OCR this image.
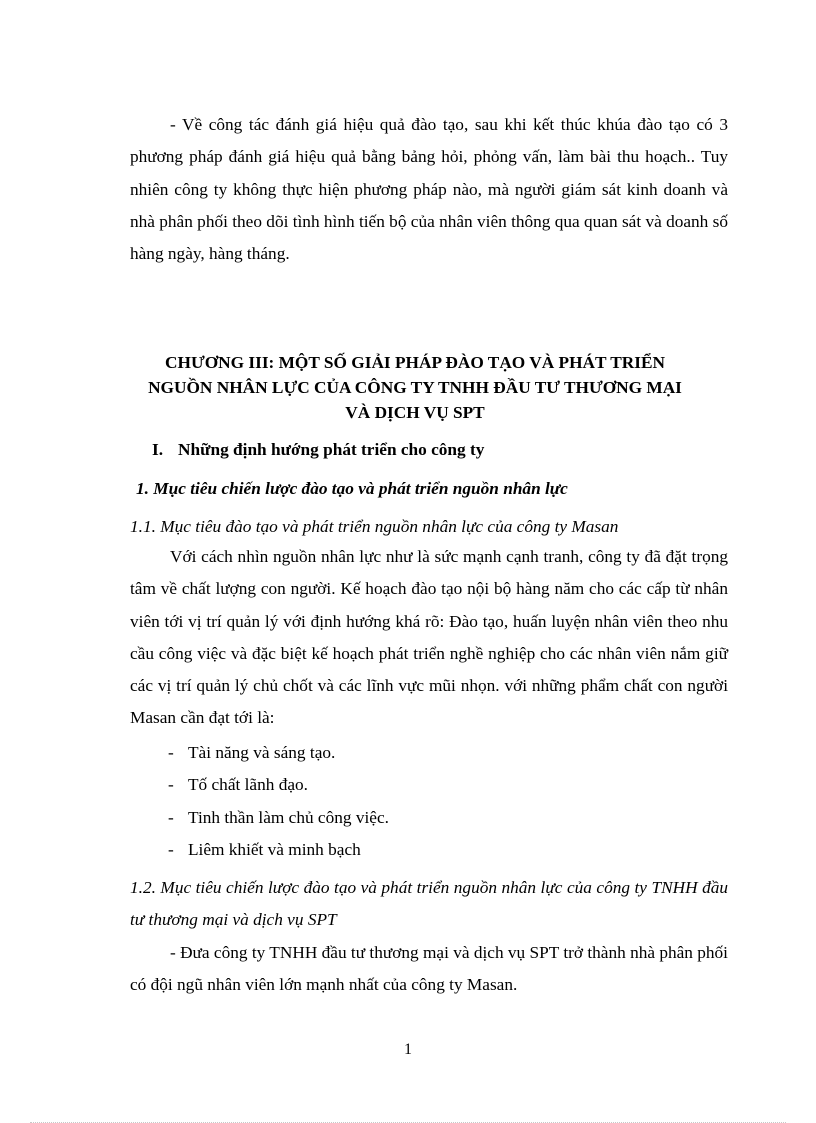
- Về công tác đánh giá hiệu quả đào tạo, sau khi kết thúc khúa đào tạo có 3 phương pháp đánh giá hiệu quả bằng bảng hỏi, phỏng vấn, làm bài thu hoạch.. Tuy nhiên công ty không thực hiện phương pháp nào, mà người giám sát kinh doanh và nhà phân phối theo dõi tình hình tiến bộ của nhân viên thông qua quan sát và doanh số hàng ngày, hàng tháng.

CHƯƠNG III: MỘT SỐ GIẢI PHÁP ĐÀO TẠO VÀ PHÁT TRIỂN
NGUỒN NHÂN LỰC CỦA CÔNG TY TNHH ĐẦU TƯ THƯƠNG MẠI
VÀ DỊCH VỤ SPT
I. Những định hướng phát triển cho công ty
1. Mục tiêu chiến lược đào tạo và phát triển nguồn nhân lực
1.1. Mục tiêu đào tạo và phát triển nguồn nhân lực của công ty Masan

Với cách nhìn nguồn nhân lực như là sức mạnh cạnh tranh, công ty đã đặt trọng tâm về chất lượng con người. Kế hoạch đào tạo nội bộ hàng năm cho các cấp từ nhân viên tới vị trí quản lý với định hướng khá rõ: Đào tạo, huấn luyện nhân viên theo nhu cầu công việc và đặc biệt kế hoạch phát triển nghề nghiệp cho các nhân viên nắm giữ các vị trí quản lý chủ chốt và các lĩnh vực mũi nhọn. với những phẩm chất con người Masan cần đạt tới là:

- Tài năng và sáng tạo.
- Tố chất lãnh đạo.
- Tinh thần làm chủ công việc.
- Liêm khiết và minh bạch

1.2. Mục tiêu chiến lược đào tạo và phát triển nguồn nhân lực của công ty TNHH đầu tư thương mại và dịch vụ SPT

- Đưa công ty TNHH đầu tư thương mại và dịch vụ SPT trở thành nhà phân phối có đội ngũ nhân viên lớn mạnh nhất của công ty Masan.

1
